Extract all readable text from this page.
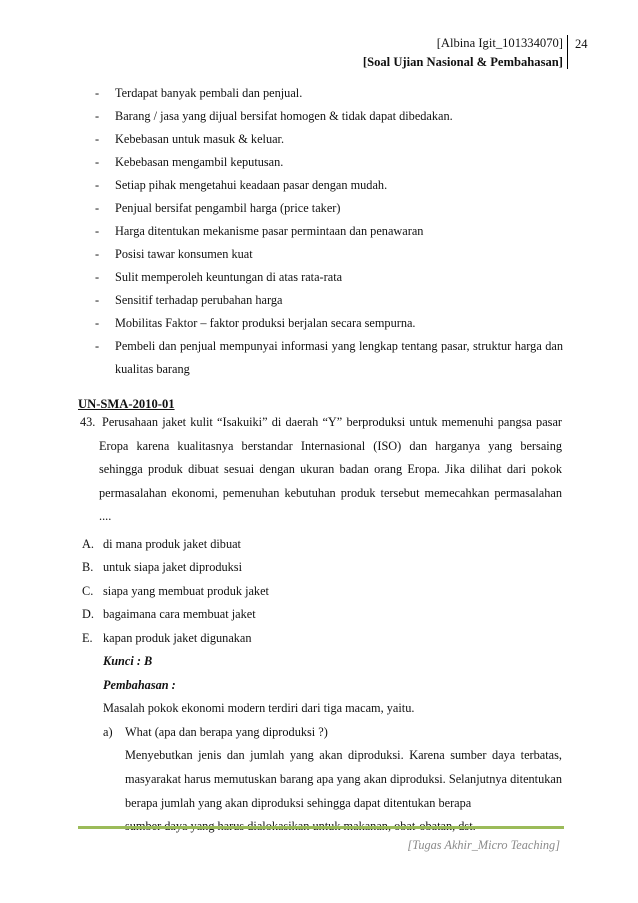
[Albina Igit_101334070]
[Soal Ujian Nasional & Pembahasan]
24
- Terdapat banyak pembali dan penjual.
- Barang / jasa yang dijual bersifat homogen & tidak dapat dibedakan.
- Kebebasan untuk masuk & keluar.
- Kebebasan mengambil keputusan.
- Setiap pihak mengetahui keadaan pasar dengan mudah.
- Penjual bersifat pengambil harga (price taker)
- Harga ditentukan mekanisme pasar permintaan dan penawaran
- Posisi tawar konsumen kuat
- Sulit memperoleh keuntungan di atas rata-rata
- Sensitif terhadap perubahan harga
- Mobilitas Faktor – faktor produksi berjalan secara sempurna.
- Pembeli dan penjual mempunyai informasi yang lengkap tentang pasar, struktur harga dan kualitas barang
UN-SMA-2010-01
43. Perusahaan jaket kulit “Isakuiki” di daerah “Y” berproduksi untuk memenuhi pangsa pasar Eropa karena kualitasnya berstandar Internasional (ISO) dan harganya yang bersaing sehingga produk dibuat sesuai dengan ukuran badan orang Eropa. Jika dilihat dari pokok permasalahan ekonomi, pemenuhan kebutuhan produk tersebut memecahkan permasalahan ....
A. di mana produk jaket dibuat
B. untuk siapa jaket diproduksi
C. siapa yang membuat produk jaket
D. bagaimana cara membuat jaket
E. kapan produk jaket digunakan
Kunci : B
Pembahasan :
Masalah pokok ekonomi modern terdiri dari tiga macam, yaitu.
a) What (apa dan berapa yang diproduksi ?)
Menyebutkan jenis dan jumlah yang akan diproduksi. Karena sumber daya terbatas, masyarakat harus memutuskan barang apa yang akan diproduksi. Selanjutnya ditentukan berapa jumlah yang akan diproduksi sehingga dapat ditentukan berapa
[Tugas Akhir_Micro Teaching]
